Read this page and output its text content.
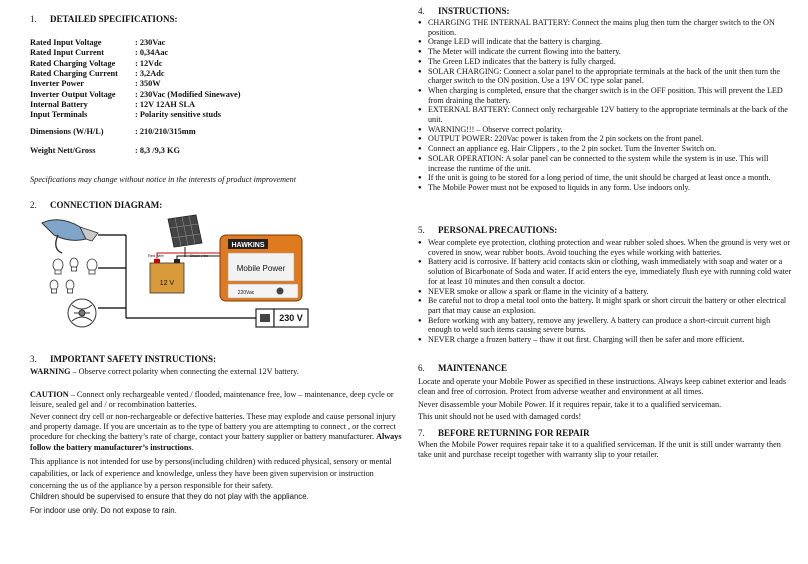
1. DETAILED SPECIFICATIONS:
Rated Input Voltage	: 230Vac
Rated Input Current	: 0,34Aac
Rated Charging Voltage : 12Vdc
Rated Charging Current : 3,2Adc
Inverter Power	: 350W
Inverter Output Voltage : 230Vac (Modified Sinewave)
Internal Battery	: 12V 12AH SLA
Input Terminals	: Polarity sensitive studs
Dimensions (W/H/L)	: 210/210/315mm
Weight Nett/Gross	: 8,3 /9,3 KG

Specifications may change without notice in the interests of product improvement

2. CONNECTION DIAGRAM:
3. IMPORTANT SAFETY INSTRUCTIONS:

WARNING – Observe correct polarity when connecting the external 12V battery.

CAUTION – Connect only rechargeable vented / flooded, maintenance free, low – maintenance, deep cycle or leisure, sealed gel and / or recombination batteries.

Never connect dry cell or non-rechargeable or defective batteries. These may explode and cause personal injury and property damage. If you are uncertain as to the type of battery you are attempting to connect , or the correct procedure for checking the battery’s rate of charge, contact your battery supplier or battery manufacturer. Always follow the battery manufacturer’s instructions.

This appliance is not intended for use by persons(including children) with reduced physical, sensory or mental capabilities, or lack of experience and knowledge, unless they have been given supervision or instruction concerning the us of the appliance by a person responsible for their safety.

Children should be supervised to ensure that they do not play with the appliance.

For indoor use only. Do not expose to rain.

12 V
Red wire	Black wire
HAWKINS
Mobile Power
220Vac
230 V
4. INSTRUCTIONS:
● CHARGING THE INTERNAL BATTERY: Connect the mains plug then turn the charger switch to the ON position.
● Orange LED will indicate that the battery is charging.
● The Meter will indicate the current flowing into the battery.
● The Green LED indicates that the battery is fully charged.
● SOLAR CHARGING: Connect a solar panel to the appropriate terminals at the back of the unit then turn the charger switch to the ON position. Use a 19V OC type solar panel.
● When charging is completed, ensure that the charger switch is in the OFF position. This will prevent the LED from draining the battery.
● EXTERNAL BATTERY: Connect only rechargeable 12V battery to the appropriate terminals at the back of the unit.
● WARNING!!! – Observe correct polarity.
● OUTPUT POWER: 220Vac power is taken from the 2 pin sockets on the front panel.
● Connect an appliance eg. Hair Clippers , to the 2 pin socket. Turn the Inverter Switch on.
● SOLAR OPERATION: A solar panel can be connected to the system while the system is in use. This will increase the runtime of the unit.
● If the unit is going to be stored for a long period of time, the unit should be charged at least once a month.
● The Mobile Power must not be exposed to liquids in any form. Use indoors only.
5. PERSONAL PRECAUTIONS:
● Wear complete eye protection, clothing protection and wear rubber soled shoes. When the ground is very wet or covered in snow, wear rubber boots. Avoid touching the eyes while working with batteries.
● Battery acid is corrosive. If battery acid contacts skin or clothing, wash immediately with soap and water or a solution of Bicarbonate of Soda and water. If acid enters the eye, immediately flush eye with running cold water for at least 10 minutes and then consult a doctor.
● NEVER smoke or allow a spark or flame in the vicinity of a battery.
● Be careful not to drop a metal tool onto the battery. It might spark or short circuit the battery or other electrical part that may cause an explosion.
● Before working with any battery, remove any jewellery. A battery can produce a short-circuit current high enough to weld such items causing severe burns.
● NEVER charge a frozen battery – thaw it out first. Charging will then be safer and more efficient.
6. MAINTENANCE

Locate and operate your Mobile Power as specified in these instructions. Always keep cabinet exterior and leads clean and free of corrosion. Protect from adverse weather and environment at all times.

Never disassemble your Mobile Power. If it requires repair, take it to a qualified serviceman.

This unit should not be used with damaged cords!

7. BEFORE RETURNING FOR REPAIR

When the Mobile Power requires repair take it to a qualified serviceman. If the unit is still under warranty then take unit and purchase receipt together with warranty slip to your retailer.
